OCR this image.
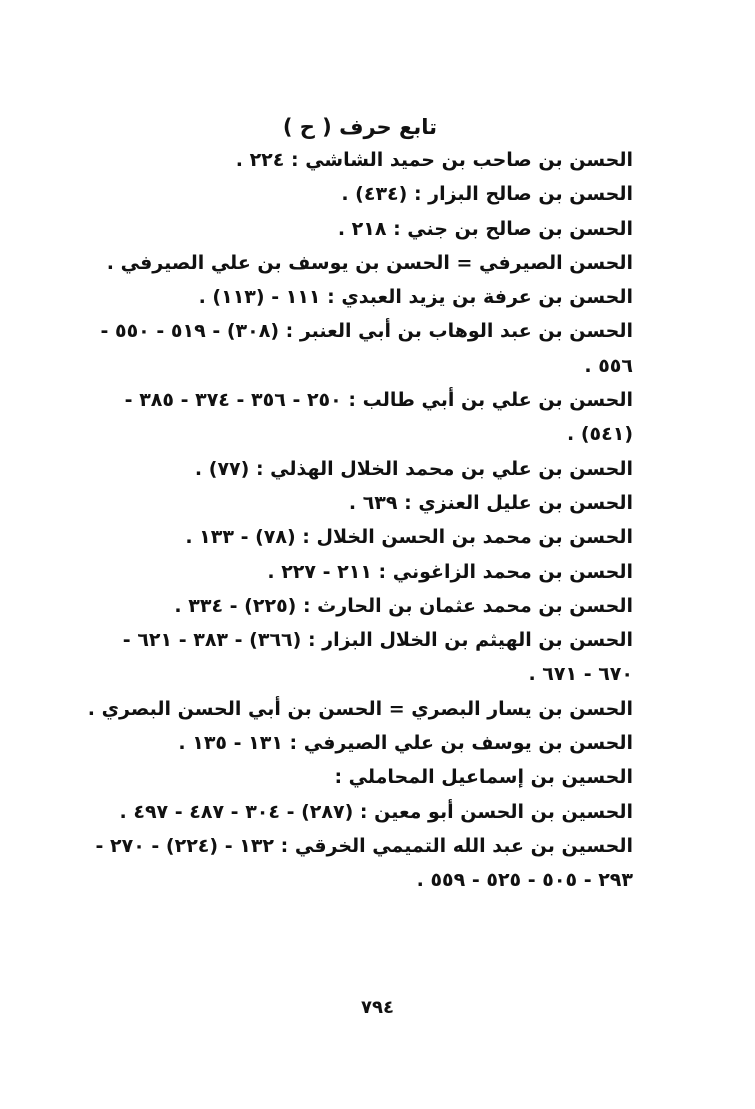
تابع حرف ( ح )
الحسن بن صاحب بن حميد الشاشي : ٢٢٤ .
الحسن بن صالح البزار : (٤٣٤) .
الحسن بن صالح بن جني : ٢١٨ .
الحسن الصيرفي = الحسن بن يوسف بن علي الصيرفي .
الحسن بن عرفة بن يزيد العبدي : ١١١ - (١١٣) .
الحسن بن عبد الوهاب بن أبي العنبر : (٣٠٨) - ٥١٩ - ٥٥٠ -
٥٥٦ .
الحسن بن علي بن أبي طالب : ٢٥٠ - ٣٥٦ - ٣٧٤ - ٣٨٥ -
(٥٤١) .
الحسن بن علي بن محمد الخلال الهذلي : (٧٧) .
الحسن بن عليل العنزي : ٦٣٩ .
الحسن بن محمد بن الحسن الخلال : (٧٨) - ١٣٣ .
الحسن بن محمد الزاغوني : ٢١١ - ٢٢٧ .
الحسن بن محمد عثمان بن الحارث : (٢٢٥) - ٣٣٤ .
الحسن بن الهيثم بن الخلال البزار : (٣٦٦) - ٣٨٣ - ٦٢١ -
٦٧٠ - ٦٧١ .
الحسن بن يسار البصري = الحسن بن أبي الحسن البصري .
الحسن بن يوسف بن علي الصيرفي : ١٣١ - ١٣٥ .
الحسين بن إسماعيل المحاملي :
الحسين بن الحسن أبو معين : (٢٨٧) - ٣٠٤ - ٤٨٧ - ٤٩٧ .
الحسين بن عبد الله التميمي الخرقي : ١٣٢ - (٢٢٤) - ٢٧٠ -
٢٩٣ - ٥٠٥ - ٥٢٥ - ٥٥٩ .
٧٩٤
